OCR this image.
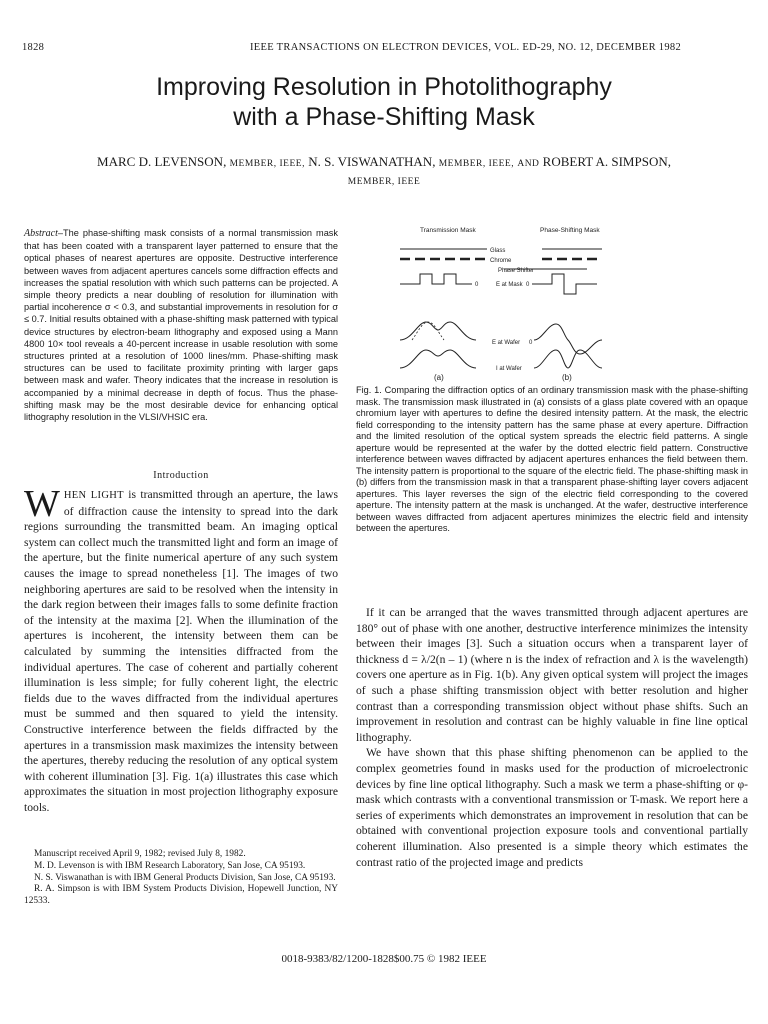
1828	IEEE TRANSACTIONS ON ELECTRON DEVICES, VOL. ED-29, NO. 12, DECEMBER 1982
Improving Resolution in Photolithography
with a Phase-Shifting Mask
MARC D. LEVENSON, MEMBER, IEEE, N. S. VISWANATHAN, MEMBER, IEEE, AND ROBERT A. SIMPSON,
MEMBER, IEEE
Abstract–The phase-shifting mask consists of a normal transmission mask that has been coated with a transparent layer patterned to ensure that the optical phases of nearest apertures are opposite. Destructive interference between waves from adjacent apertures cancels some diffraction effects and increases the spatial resolution with which such patterns can be projected. A simple theory predicts a near doubling of resolution for illumination with partial incoherence σ < 0.3, and substantial improvements in resolution for σ ≤ 0.7. Initial results obtained with a phase-shifting mask patterned with typical device structures by electron-beam lithography and exposed using a Mann 4800 10× tool reveals a 40-percent increase in usable resolution with some structures printed at a resolution of 1000 lines/mm. Phase-shifting mask structures can be used to facilitate proximity printing with larger gaps between mask and wafer. Theory indicates that the increase in resolution is accompanied by a minimal decrease in depth of focus. Thus the phase-shifting mask may be the most desirable device for enhancing optical lithography resolution in the VLSI/VHSIC era.
Introduction
WHEN LIGHT is transmitted through an aperture, the laws of diffraction cause the intensity to spread into the dark regions surrounding the transmitted beam. An imaging optical system can collect much the transmitted light and form an image of the aperture, but the finite numerical aperture of any such system causes the image to spread nonetheless [1]. The images of two neighboring apertures are said to be resolved when the intensity in the dark region between their images falls to some definite fraction of the intensity at the maxima [2]. When the illumination of the apertures is incoherent, the intensity between them can be calculated by summing the intensities diffracted from the individual apertures. The case of coherent and partially coherent illumination is less simple; for fully coherent light, the electric fields due to the waves diffracted from the individual apertures must be summed and then squared to yield the intensity. Constructive interference between the fields diffracted by the apertures in a transmission mask maximizes the intensity between the apertures, thereby reducing the resolution of any optical system with coherent illumination [3]. Fig. 1(a) illustrates this case which approximates the situation in most projection lithography exposure tools.

Manuscript received April 9, 1982; revised July 8, 1982.

M. D. Levenson is with IBM Research Laboratory, San Jose, CA 95193.

N. S. Viswanathan is with IBM General Products Division, San Jose, CA 95193.

R. A. Simpson is with IBM System Products Division, Hopewell Junction, NY 12533.

Transmission Mask	Phase-Shifting Mask
Glass
Chrome
Phase Shifter
0	E at Mask 0
E at Wafer 0
I at Wafer
(a)	(b)

Fig. 1. Comparing the diffraction optics of an ordinary transmission mask with the phase-shifting mask. The transmission mask illustrated in (a) consists of a glass plate covered with an opaque chromium layer with apertures to define the desired intensity pattern. At the mask, the electric field corresponding to the intensity pattern has the same phase at every aperture. Diffraction and the limited resolution of the optical system spreads the electric field patterns. A single aperture would be represented at the wafer by the dotted electric field pattern. Constructive interference between waves diffracted by adjacent apertures enhances the field between them. The intensity pattern is proportional to the square of the electric field. The phase-shifting mask in (b) differs from the transmission mask in that a transparent phase-shifting layer covers adjacent apertures. This layer reverses the sign of the electric field corresponding to the covered aperture. The intensity pattern at the mask is unchanged. At the wafer, destructive interference between waves diffracted from adjacent apertures minimizes the electric field and intensity between the apertures.

If it can be arranged that the waves transmitted through adjacent apertures are 180° out of phase with one another, destructive interference minimizes the intensity between their images [3]. Such a situation occurs when a transparent layer of thickness d = λ/2(n – 1) (where n is the index of refraction and λ is the wavelength) covers one aperture as in Fig. 1(b). Any given optical system will project the images of such a phase shifting transmission object with better resolution and higher contrast than a corresponding transmission object without phase shifts. Such an improvement in resolution and contrast can be highly valuable in fine line optical lithography.

We have shown that this phase shifting phenomenon can be applied to the complex geometries found in masks used for the production of microelectronic devices by fine line optical lithography. Such a mask we term a phase-shifting or φ-mask which contrasts with a conventional transmission or T-mask. We report here a series of experiments which demonstrates an improvement in resolution that can be obtained with conventional projection exposure tools and conventional partially coherent illumination. Also presented is a simple theory which estimates the contrast ratio of the projected image and predicts

0018-9383/82/1200-1828$00.75 © 1982 IEEE
